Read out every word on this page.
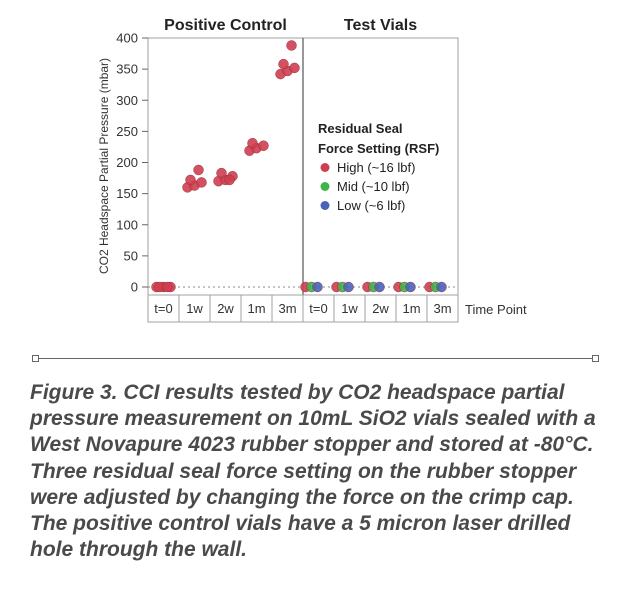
Positive Control	Test Vials
0
50
100
150
200
250
300
350
400
CO2 Headspace Partial Pressure (mbar)
t=0 1w 2w 1m 3m t=0 1w 2w 1m 3m Time Point
Residual Seal
Force Setting (RSF)
High (~16 lbf)
Mid (~10 lbf)
Low (~6 lbf)

Figure 3. CCI results tested by CO2 headspace partial pressure measurement on 10mL SiO2 vials sealed with a West Novapure 4023 rubber stopper and stored at -80°C. Three residual seal force setting on the rubber stopper were adjusted by changing the force on the crimp cap. The positive control vials have a 5 micron laser drilled hole through the wall.
